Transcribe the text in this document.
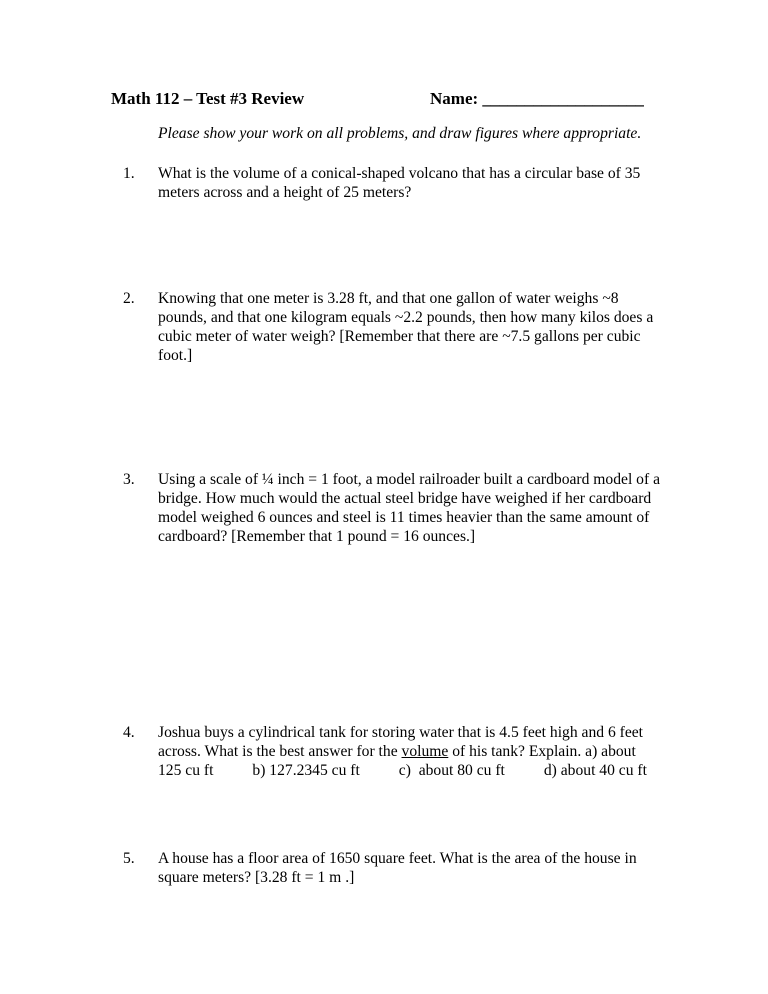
Math 112 – Test #3 Review	Name: ___________________
Please show your work on all problems, and draw figures where appropriate.
1. What is the volume of a conical-shaped volcano that has a circular base of 35 meters across and a height of 25 meters?
2. Knowing that one meter is 3.28 ft, and that one gallon of water weighs ~8 pounds, and that one kilogram equals ~2.2 pounds, then how many kilos does a cubic meter of water weigh? [Remember that there are ~7.5 gallons per cubic foot.]
3. Using a scale of ¼ inch = 1 foot, a model railroader built a cardboard model of a bridge. How much would the actual steel bridge have weighed if her cardboard model weighed 6 ounces and steel is 11 times heavier than the same amount of cardboard? [Remember that 1 pound = 16 ounces.]
4. Joshua buys a cylindrical tank for storing water that is 4.5 feet high and 6 feet across. What is the best answer for the volume of his tank? Explain. a) about
125 cu ft          b) 127.2345 cu ft          c)  about 80 cu ft          d) about 40 cu ft
5. A house has a floor area of 1650 square feet. What is the area of the house in square meters? [3.28 ft = 1 m .]
